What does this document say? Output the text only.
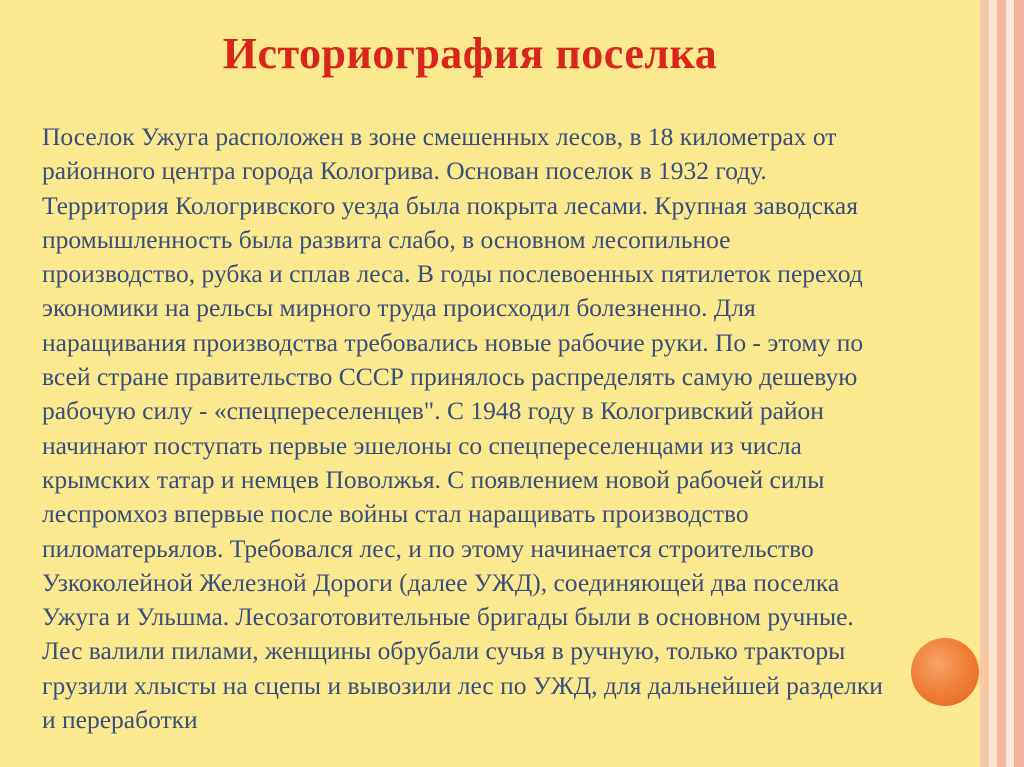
Историография поселка

Поселок Ужуга расположен в зоне смешенных лесов, в 18 километрах от
районного центра города Кологрива. Основан поселок в 1932 году.
Территория Кологривского уезда была покрыта лесами. Крупная заводская
промышленность была развита слабо, в основном лесопильное
производство, рубка и сплав леса. В годы послевоенных пятилеток переход
экономики на рельсы мирного труда происходил болезненно. Для
наращивания производства требовались новые рабочие руки. По - этому по
всей стране правительство СССР принялось распределять самую дешевую
рабочую силу - «спецпереселенцев". С 1948 году в Кологривский район
начинают поступать первые эшелоны со спецпереселенцами из числа
крымских татар и немцев Поволжья. С появлением новой рабочей силы
леспромхоз впервые после войны стал наращивать производство
пиломатерьялов. Требовался лес, и по этому начинается строительство
Узкоколейной Железной Дороги (далее УЖД), соединяющей два поселка
Ужуга и Ульшма. Лесозаготовительные бригады были в основном ручные.
Лес валили пилами, женщины обрубали сучья в ручную, только тракторы
грузили хлысты на сцепы и вывозили лес по УЖД, для дальнейшей разделки
и переработки
